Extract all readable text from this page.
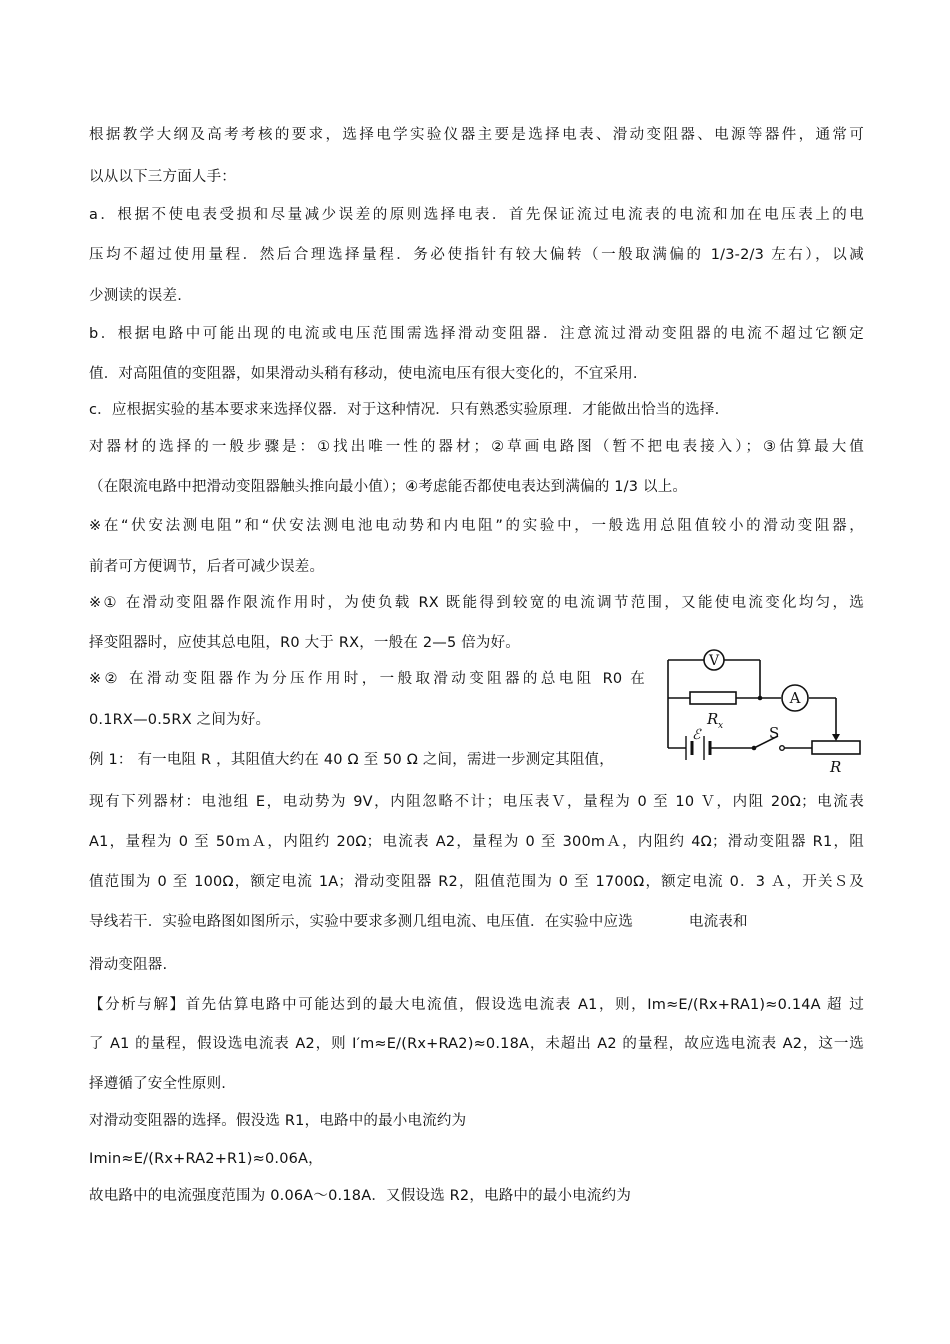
根据教学大纲及高考考核的要求，选择电学实验仪器主要是选择电表、滑动变阻器、电源等器件，通常可
以从以下三方面人手：
a．根据不使电表受损和尽量减少误差的原则选择电表．首先保证流过电流表的电流和加在电压表上的电
压均不超过使用量程．然后合理选择量程．务必使指针有较大偏转（一般取满偏的 1/3-2/3 左右），以减
少测读的误差.
b．根据电路中可能出现的电流或电压范围需选择滑动变阻器．注意流过滑动变阻器的电流不超过它额定
值．对高阻值的变阻器，如果滑动头稍有移动，使电流电压有很大变化的，不宜采用.
c．应根据实验的基本要求来选择仪器．对于这种情况．只有熟悉实验原理．才能做出恰当的选择.
对器材的选择的一般步骤是：①找出唯一性的器材；②草画电路图（暂不把电表接入）；③估算最大值
（在限流电路中把滑动变阻器触头推向最小值）；④考虑能否都使电表达到满偏的 1/3 以上。
※在“伏安法测电阻”和“伏安法测电池电动势和内电阻”的实验中，一般选用总阻值较小的滑动变阻器，
前者可方便调节，后者可减少误差。
※① 在滑动变阻器作限流作用时，为使负载 RX 既能得到较宽的电流调节范围，又能使电流变化均匀，选
择变阻器时，应使其总电阻，R0 大于 RX，一般在 2—5 倍为好。
※② 在滑动变阻器作为分压作用时，一般取滑动变阻器的总电阻 R0 在
0.1RX—0.5RX 之间为好。
例 1： 有一电阻 R ，其阻值大约在 40 Ω 至 50 Ω 之间，需进一步测定其阻值，
现有下列器材：电池组 E，电动势为 9V，内阻忽略不计；电压表Ｖ，量程为 0 至 10 Ｖ，内阻 20Ω；电流表
A1，量程为 0 至 50ｍＡ，内阻约 20Ω；电流表 A2，量程为 0 至 300mＡ，内阻约 4Ω；滑动变阻器 R1，阻
值范围为 0 至 100Ω，额定电流 1A；滑动变阻器 R2，阻值范围为 0 至 1700Ω，额定电流 0．3 Ａ，开关Ｓ及
导线若干．实验电路图如图所示，实验中要求多测几组电流、电压值．在实验中应选	电流表和
滑动变阻器.
【分析与解】首先估算电路中可能达到的最大电流值，假设选电流表 A1，则，Im≈E/(Rx+RA1)≈0.14A 超 过
了 A1 的量程，假设选电流表 A2，则 I′m≈E/(Rx+RA2)≈0.18A，未超出 A2 的量程，故应选电流表 A2，这一选
择遵循了安全性原则.
对滑动变阻器的选择。假没选 R1，电路中的最小电流约为
Imin≈E/(Rx+RA2+R1)≈0.06A，
故电路中的电流强度范围为 0.06A～0.18A．又假设选 R2，电路中的最小电流约为
V
A
R x
ℰ	S
R
